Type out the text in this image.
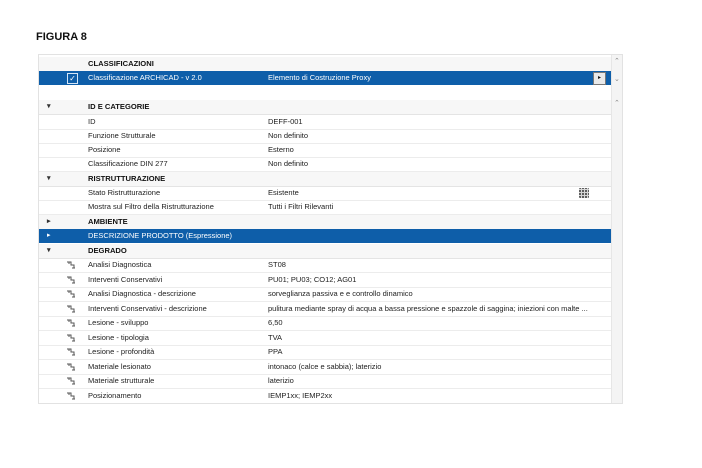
FIGURA 8
CLASSIFICAZIONI
✓ Classificazione ARCHICAD - v 2.0	Elemento di Costruzione Proxy	▸
▾	ID E CATEGORIE
ID	DEFF-001
Funzione Strutturale	Non definito
Posizione	Esterno
Classificazione DIN 277	Non definito
▾	RISTRUTTURAZIONE
Stato Ristrutturazione	Esistente
Mostra sul Filtro della Ristrutturazione	Tutti i Filtri Rilevanti
▸	AMBIENTE
▸	DESCRIZIONE PRODOTTO (Espressione)
▾	DEGRADO
Analisi Diagnostica	ST08
Interventi Conservativi	PU01; PU03; CO12; AG01
Analisi Diagnostica - descrizione	sorveglianza passiva e e controllo dinamico
Interventi Conservativi - descrizione	pulitura mediante spray di acqua a bassa pressione e spazzole di saggina; iniezioni con malte ...
Lesione - sviluppo	6,50
Lesione - tipologia	TVA
Lesione - profondità	PPA
Materiale lesionato	intonaco (calce e sabbia); laterizio
Materiale strutturale	laterizio
Posizionamento	IEMP1xx; IEMP2xx
⌃
⌄
⌃
